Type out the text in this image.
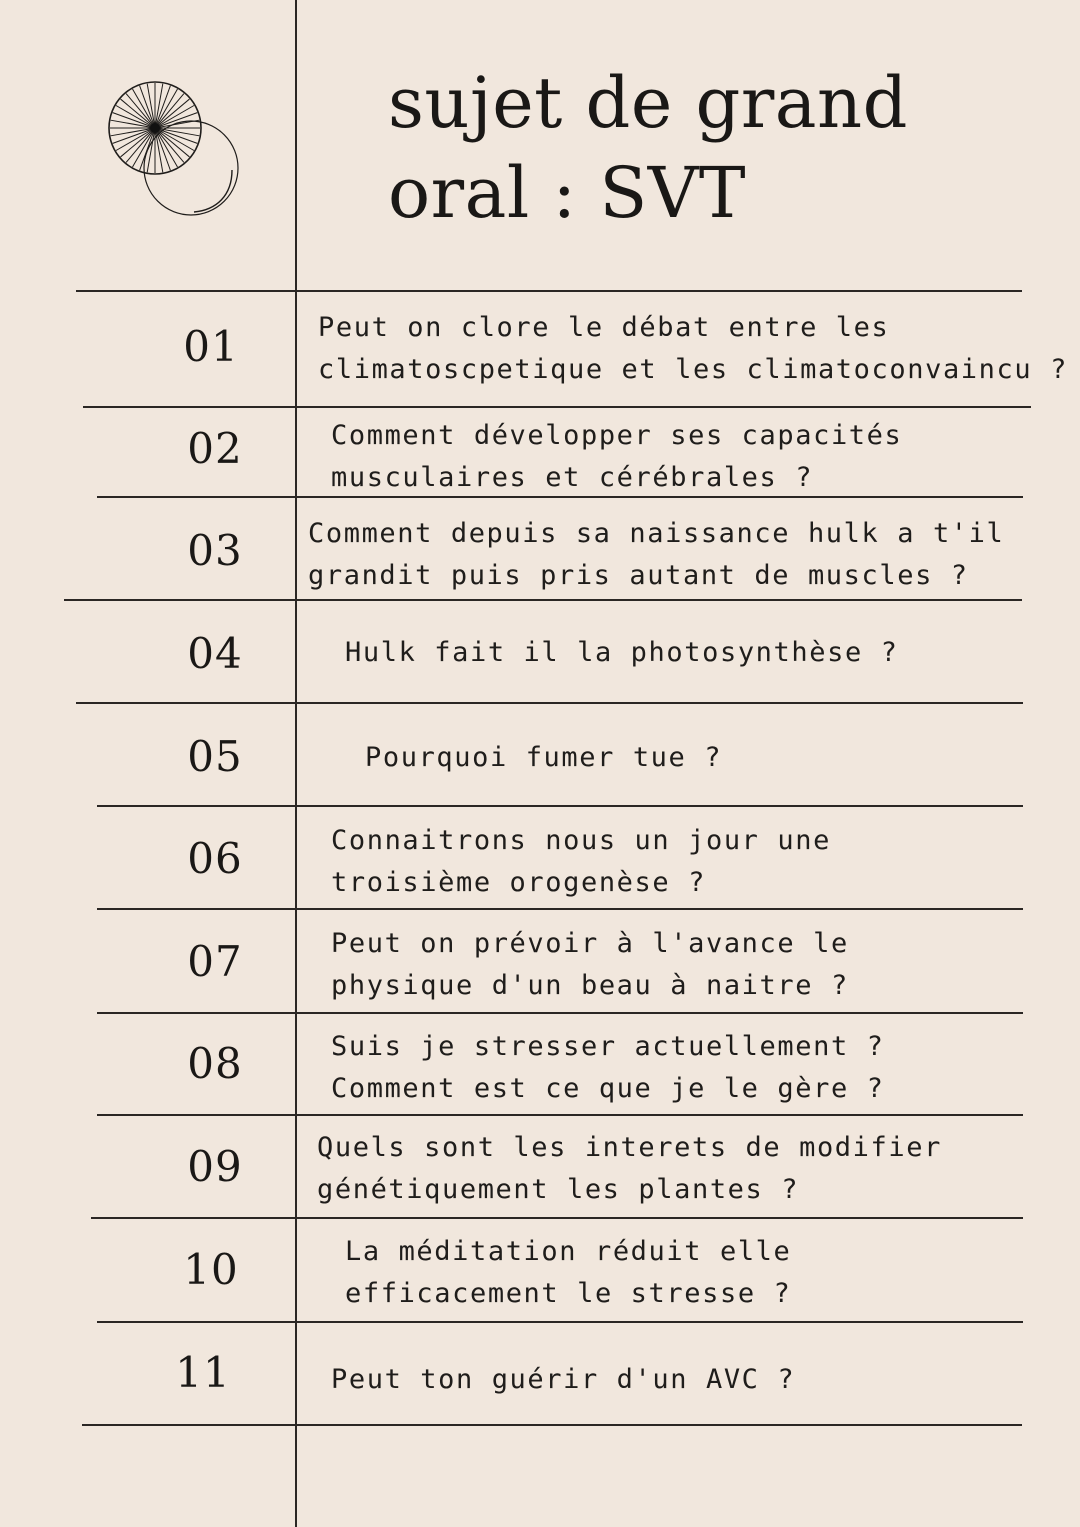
sujet de grand
oral : SVT
01	Peut on clore le débat entre les
climatoscpetique et les climatoconvaincu ?
02	Comment développer ses capacités
musculaires et cérébrales ?
03	Comment depuis sa naissance hulk a t'il
grandit puis pris autant de muscles ?
04	Hulk fait il la photosynthèse ?
05	Pourquoi fumer tue ?
06	Connaitrons nous un jour une
troisième orogenèse ?
07	Peut on prévoir à l'avance le
physique d'un beau à naitre ?
08	Suis je stresser actuellement ?
Comment est ce que je le gère ?
09	Quels sont les interets de modifier
génétiquement les plantes ?
10	La méditation réduit elle
efficacement le stresse ?
11	Peut ton guérir d'un AVC ?
